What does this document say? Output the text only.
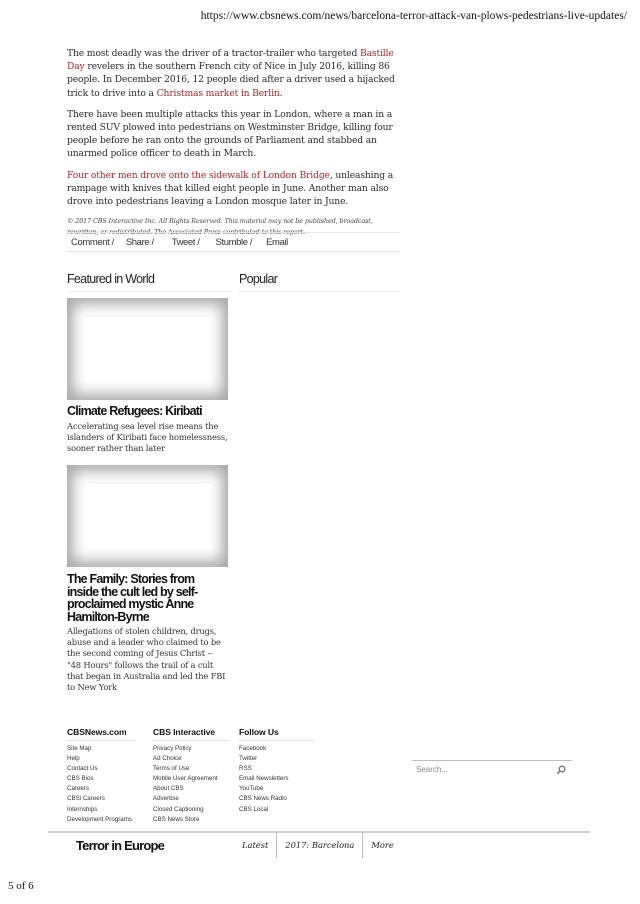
https://www.cbsnews.com/news/barcelona-terror-attack-van-plows-pedestrians-live-updates/

The most deadly was the driver of a tractor-trailer who targeted Bastille Day revelers in the southern French city of Nice in July 2016, killing 86 people. In December 2016, 12 people died after a driver used a hijacked trick to drive into a Christmas market in Berlin.

There have been multiple attacks this year in London, where a man in a rented SUV plowed into pedestrians on Westminster Bridge, killing four people before he ran onto the grounds of Parliament and stabbed an unarmed police officer to death in March.

Four other men drove onto the sidewalk of London Bridge, unleashing a rampage with knives that killed eight people in June. Another man also drove into pedestrians leaving a London mosque later in June.

© 2017 CBS Interactive Inc. All Rights Reserved. This material may not be published, broadcast, rewritten, or redistributed. The Associated Press contributed to this report.

Comment / Share / Tweet / Stumble / Email
Featured in World	Popular
Climate Refugees: Kiribati

Accelerating sea level rise means the islanders of Kiribati face homelessness, sooner rather than later

The Family: Stories from inside the cult led by self-proclaimed mystic Anne Hamilton-Byrne

Allegations of stolen children, drugs, abuse and a leader who claimed to be the second coming of Jesus Christ -- "48 Hours" follows the trail of a cult that began in Australia and led the FBI to New York

CBSNews.com
Site Map
Help
Contact Us
CBS Bios
Careers
CBSi Careers
Internships
Development Programs
CBS Interactive
Privacy Policy
Ad Choice
Terms of Use
Mobile User Agreement
About CBS
Advertise
Closed Captioning
CBS News Store
Follow Us
Facebook
Twitter
RSS
Email Newsletters
YouTube
CBS News Radio
CBS Local
Search...
Terror in Europe	Latest	2017: Barcelona	More
5 of 6
